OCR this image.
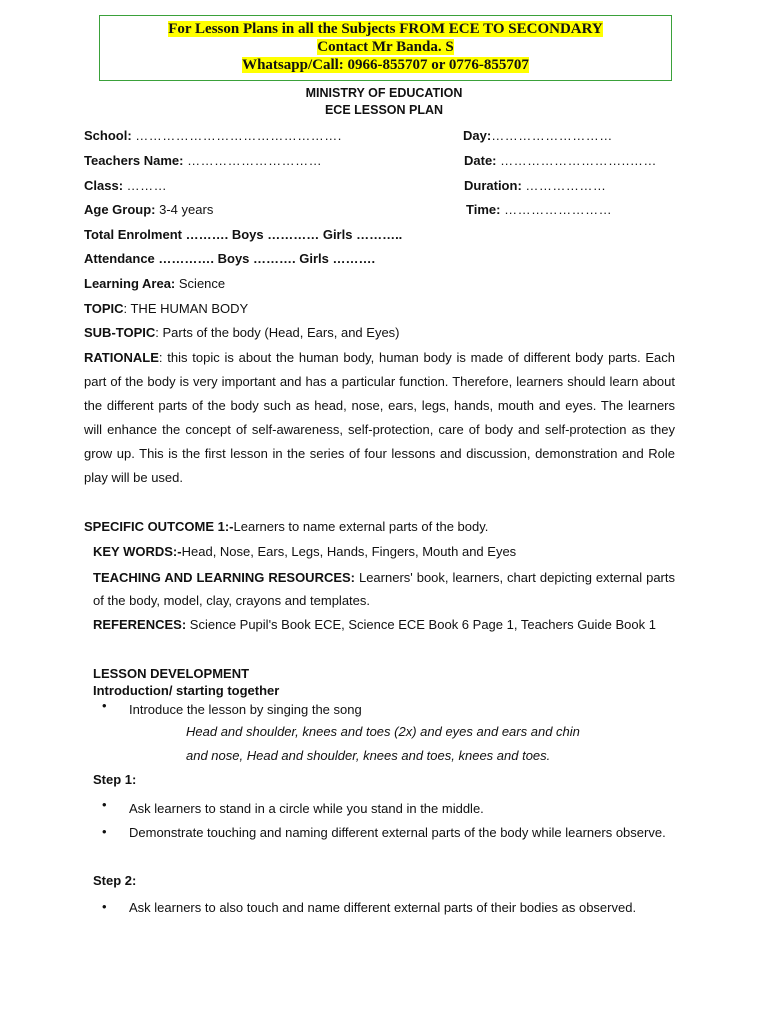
For Lesson Plans in all the Subjects FROM ECE TO SECONDARY
Contact Mr Banda. S
Whatsapp/Call: 0966-855707 or 0776-855707
MINISTRY OF EDUCATION
ECE LESSON PLAN
School: ……………………………………….
Teachers Name: …………………………
Class: ………
Age Group: 3-4 years
Total Enrolment ………. Boys ………… Girls ………..
Attendance …………. Boys ………. Girls ……….
Learning Area: Science
Day:………………………
Date: ………………………..……
Duration: ………………
Time: ……………………
TOPIC: THE HUMAN BODY
SUB-TOPIC: Parts of the body (Head, Ears, and Eyes)
RATIONALE: this topic is about the human body, human body is made of different body parts. Each part of the body is very important and has a particular function. Therefore, learners should learn about the different parts of the body such as head, nose, ears, legs, hands, mouth and eyes. The learners will enhance the concept of self-awareness, self-protection, care of body and self-protection as they grow up. This is the first lesson in the series of four lessons and discussion, demonstration and Role play will be used.
SPECIFIC OUTCOME 1:-Learners to name external parts of the body.
KEY WORDS:-Head, Nose, Ears, Legs, Hands, Fingers, Mouth and Eyes
TEACHING AND LEARNING RESOURCES: Learners' book, learners, chart depicting external parts of the body, model, clay, crayons and templates.
REFERENCES: Science Pupil's Book ECE, Science ECE Book 6 Page 1, Teachers Guide Book 1
LESSON DEVELOPMENT
Introduction/ starting together
• Introduce the lesson by singing the song
Head and shoulder, knees and toes (2x) and eyes and ears and chin
and nose, Head and shoulder, knees and toes, knees and toes.
Step 1:
• Ask learners to stand in a circle while you stand in the middle.
• Demonstrate touching and naming different external parts of the body while learners observe.
Step 2:
• Ask learners to also touch and name different external parts of their bodies as observed.
